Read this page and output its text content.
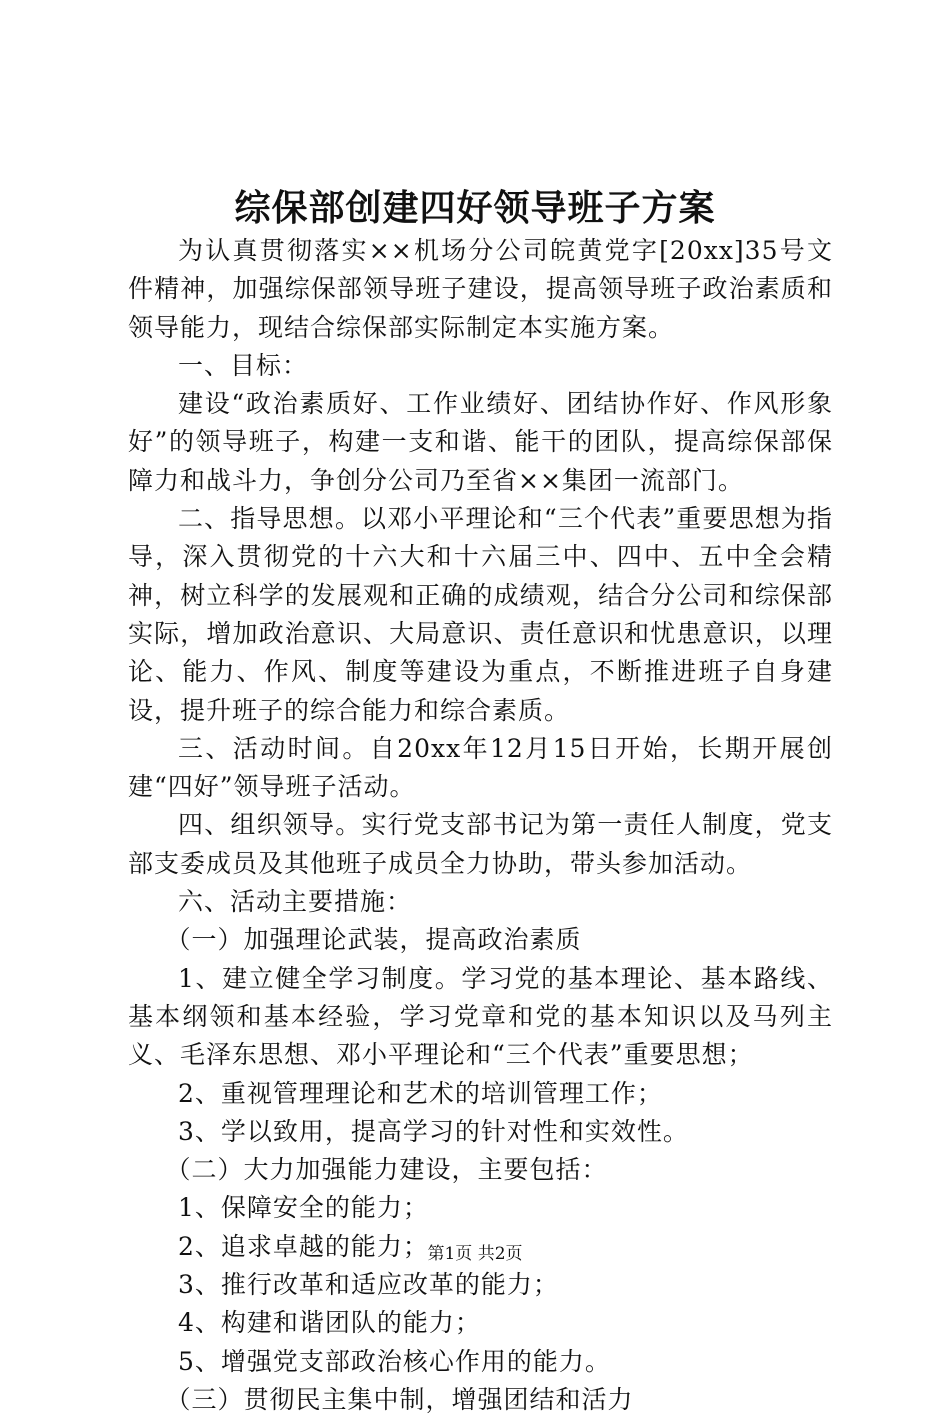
综保部创建四好领导班子方案

为认真贯彻落实××机场分公司皖黄党字[20xx]35号文件精神，加强综保部领导班子建设，提高领导班子政治素质和领导能力，现结合综保部实际制定本实施方案。

一、目标：

建设“政治素质好、工作业绩好、团结协作好、作风形象好”的领导班子，构建一支和谐、能干的团队，提高综保部保障力和战斗力，争创分公司乃至省××集团一流部门。

二、指导思想。以邓小平理论和“三个代表”重要思想为指导，深入贯彻党的十六大和十六届三中、四中、五中全会精神，树立科学的发展观和正确的成绩观，结合分公司和综保部实际，增加政治意识、大局意识、责任意识和忧患意识，以理论、能力、作风、制度等建设为重点，不断推进班子自身建设，提升班子的综合能力和综合素质。

三、活动时间。自20xx年12月15日开始，长期开展创建“四好”领导班子活动。

四、组织领导。实行党支部书记为第一责任人制度，党支部支委成员及其他班子成员全力协助，带头参加活动。

六、活动主要措施：

（一）加强理论武装，提高政治素质

1、建立健全学习制度。学习党的基本理论、基本路线、基本纲领和基本经验，学习党章和党的基本知识以及马列主义、毛泽东思想、邓小平理论和“三个代表”重要思想；

2、重视管理理论和艺术的培训管理工作；

3、学以致用，提高学习的针对性和实效性。

（二）大力加强能力建设，主要包括：

1、保障安全的能力；

2、追求卓越的能力；

3、推行改革和适应改革的能力；

4、构建和谐团队的能力；

5、增强党支部政治核心作用的能力。

（三）贯彻民主集中制，增强团结和活力

第1页 共2页
